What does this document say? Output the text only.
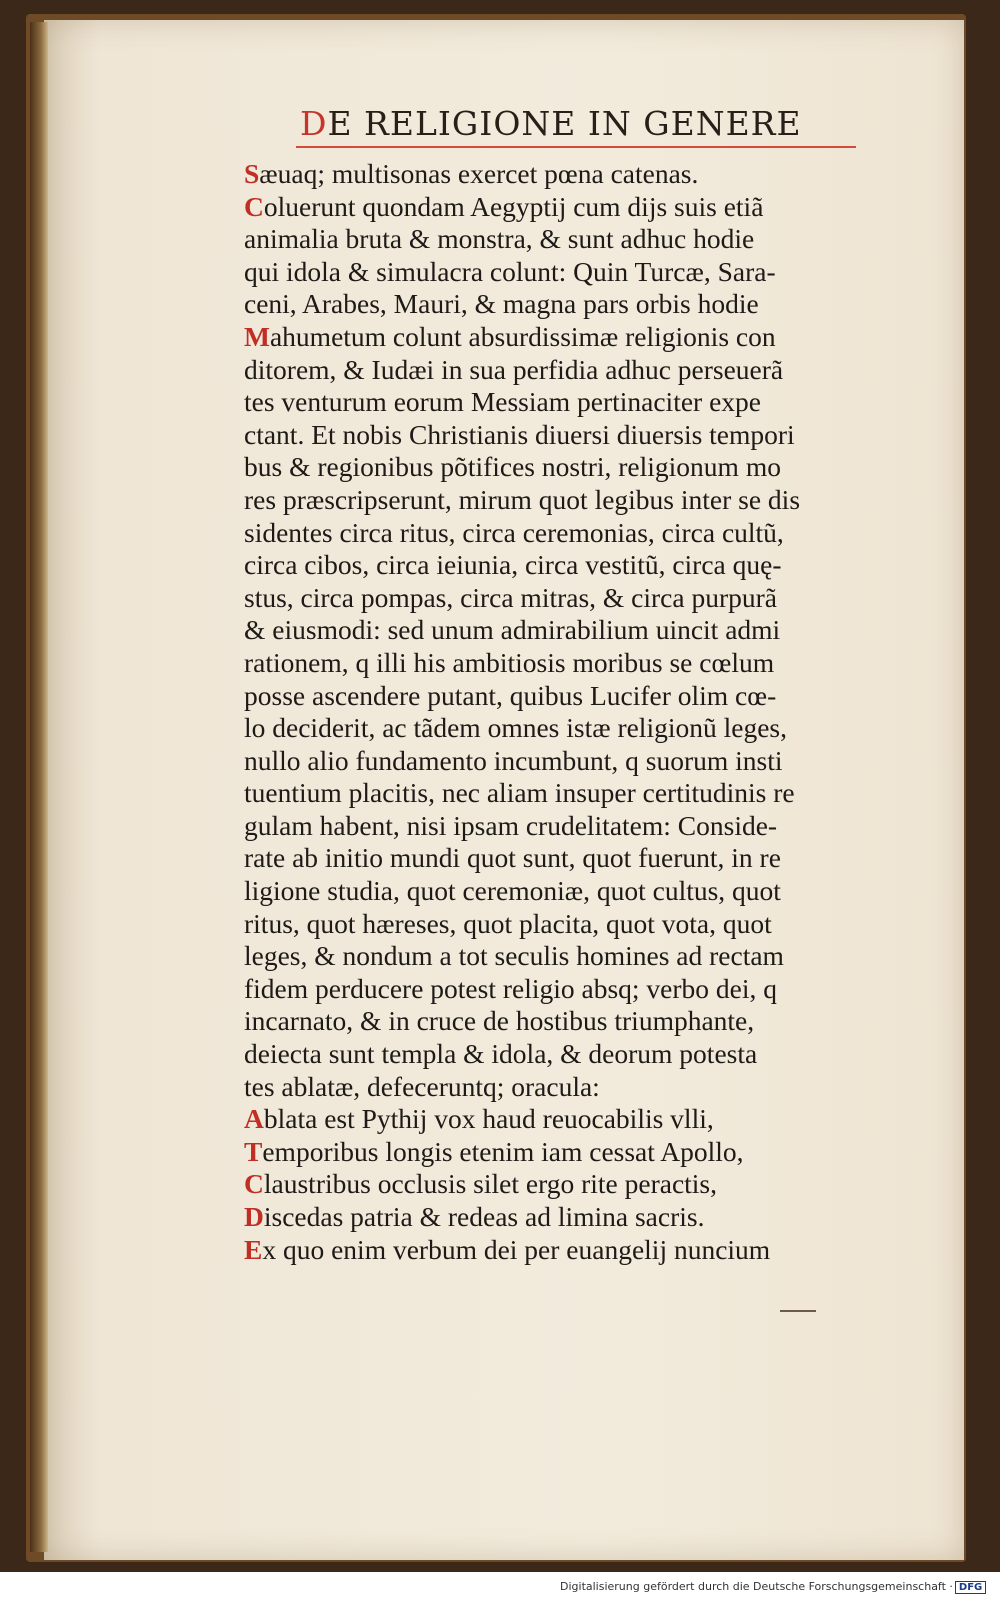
DE RELIGIONE IN GENERE
Sæuaq; multisonas exercet pœna catenas.
Coluerunt quondam Aegyptij cum dijs suis etiã
animalia bruta & monstra, & sunt adhuc hodie
qui idola & simulacra colunt: Quin Turcæ, Sara-
ceni, Arabes, Mauri, & magna pars orbis hodie
Mahumetum colunt absurdissimæ religionis con
ditorem, & Iudæi in sua perfidia adhuc perseuerã
tes venturum eorum Messiam pertinaciter expe
ctant. Et nobis Christianis diuersi diuersis tempori
bus & regionibus põtifices nostri, religionum mo
res præscripserunt, mirum quot legibus inter se dis
sidentes circa ritus, circa ceremonias, circa cultũ,
circa cibos, circa ieiunia, circa vestitũ, circa quę-
stus, circa pompas, circa mitras, & circa purpurã
& eiusmodi: sed unum admirabilium uincit admi
rationem, q illi his ambitiosis moribus se cœlum
posse ascendere putant, quibus Lucifer olim cœ-
lo deciderit, ac tãdem omnes istæ religionũ leges,
nullo alio fundamento incumbunt, q suorum insti
tuentium placitis, nec aliam insuper certitudinis re
gulam habent, nisi ipsam crudelitatem: Conside-
rate ab initio mundi quot sunt, quot fuerunt, in re
ligione studia, quot ceremoniæ, quot cultus, quot
ritus, quot hæreses, quot placita, quot vota, quot
leges, & nondum a tot seculis homines ad rectam
fidem perducere potest religio absq; verbo dei, q
incarnato, & in cruce de hostibus triumphante,
deiecta sunt templa & idola, & deorum potesta
tes ablatæ, defeceruntq; oracula:
Ablata est Pythij vox haud reuocabilis vlli,
Temporibus longis etenim iam cessat Apollo,
Claustribus occlusis silet ergo rite peractis,
Discedas patria & redeas ad limina sacris.
Ex quo enim verbum dei per euangelij nuncium
Digitalisierung gefördert durch die Deutsche Forschungsgemeinschaft · DFG
